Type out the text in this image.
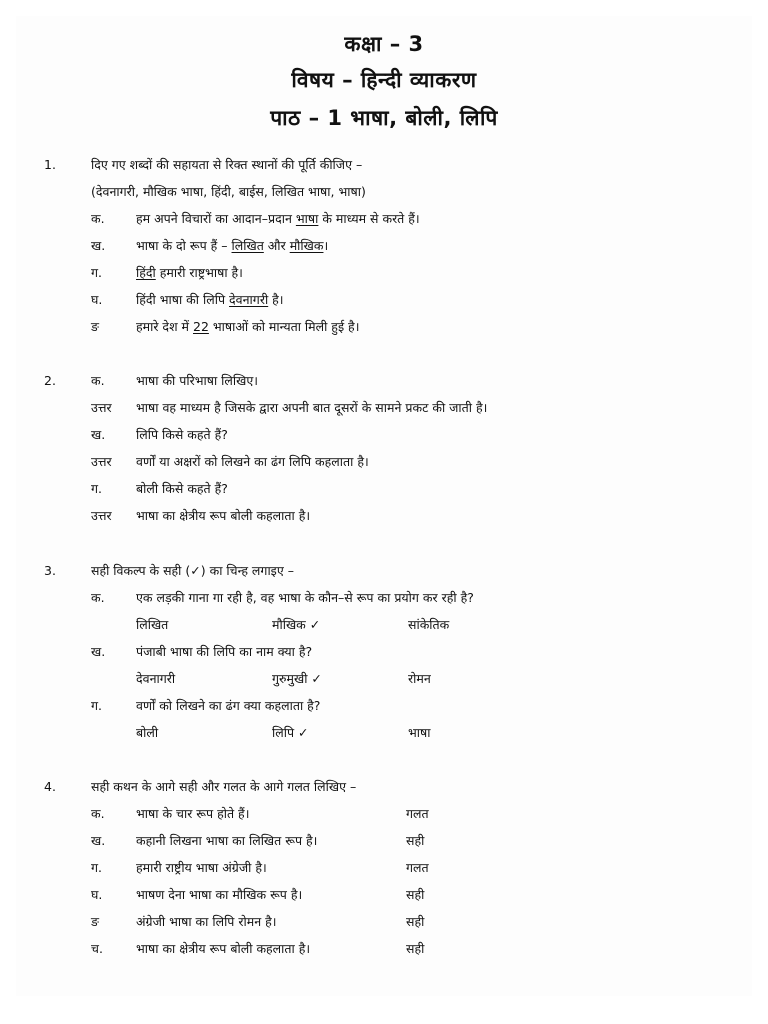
कक्षा – 3
विषय – हिन्दी व्याकरण
पाठ – 1 भाषा, बोली, लिपि
1.	दिए गए शब्दों की सहायता से रिक्त स्थानों की पूर्ति कीजिए –
(देवनागरी, मौखिक भाषा, हिंदी, बाईस, लिखित भाषा, भाषा)
क.	हम अपने विचारों का आदान–प्रदान भाषा के माध्यम से करते हैं।
ख. भाषा के दो रूप हैं – लिखित और मौखिक।
ग.	हिंदी हमारी राष्ट्रभाषा है।
घ.	हिंदी भाषा की लिपि देवनागरी है।
ङ	हमारे देश में 22 भाषाओं को मान्यता मिली हुई है।
2.	क.	भाषा की परिभाषा लिखिए।
उत्तर भाषा वह माध्यम है जिसके द्वारा अपनी बात दूसरों के सामने प्रकट की जाती है।
ख. लिपि किसे कहते हैं?
उत्तर वर्णों या अक्षरों को लिखने का ढंग लिपि कहलाता है।
ग.	बोली किसे कहते हैं?
उत्तर भाषा का क्षेत्रीय रूप बोली कहलाता है।
3.	सही विकल्प के सही (✓) का चिन्ह लगाइए –
क.	एक लड़की गाना गा रही है, वह भाषा के कौन–से रूप का प्रयोग कर रही है?
लिखित	मौखिक ✓	सांकेतिक
ख. पंजाबी भाषा की लिपि का नाम क्या है?
देवनागरी	गुरुमुखी ✓	रोमन
ग.	वर्णों को लिखने का ढंग क्या कहलाता है?
बोली	लिपि ✓	भाषा
4.	सही कथन के आगे सही और गलत के आगे गलत लिखिए –
क.	भाषा के चार रूप होते हैं।	गलत
ख. कहानी लिखना भाषा का लिखित रूप है।	सही
ग.	हमारी राष्ट्रीय भाषा अंग्रेजी है।	गलत
घ.	भाषण देना भाषा का मौखिक रूप है।	सही
ङ	अंग्रेजी भाषा का लिपि रोमन है।	सही
च.	भाषा का क्षेत्रीय रूप बोली कहलाता है।	सही
